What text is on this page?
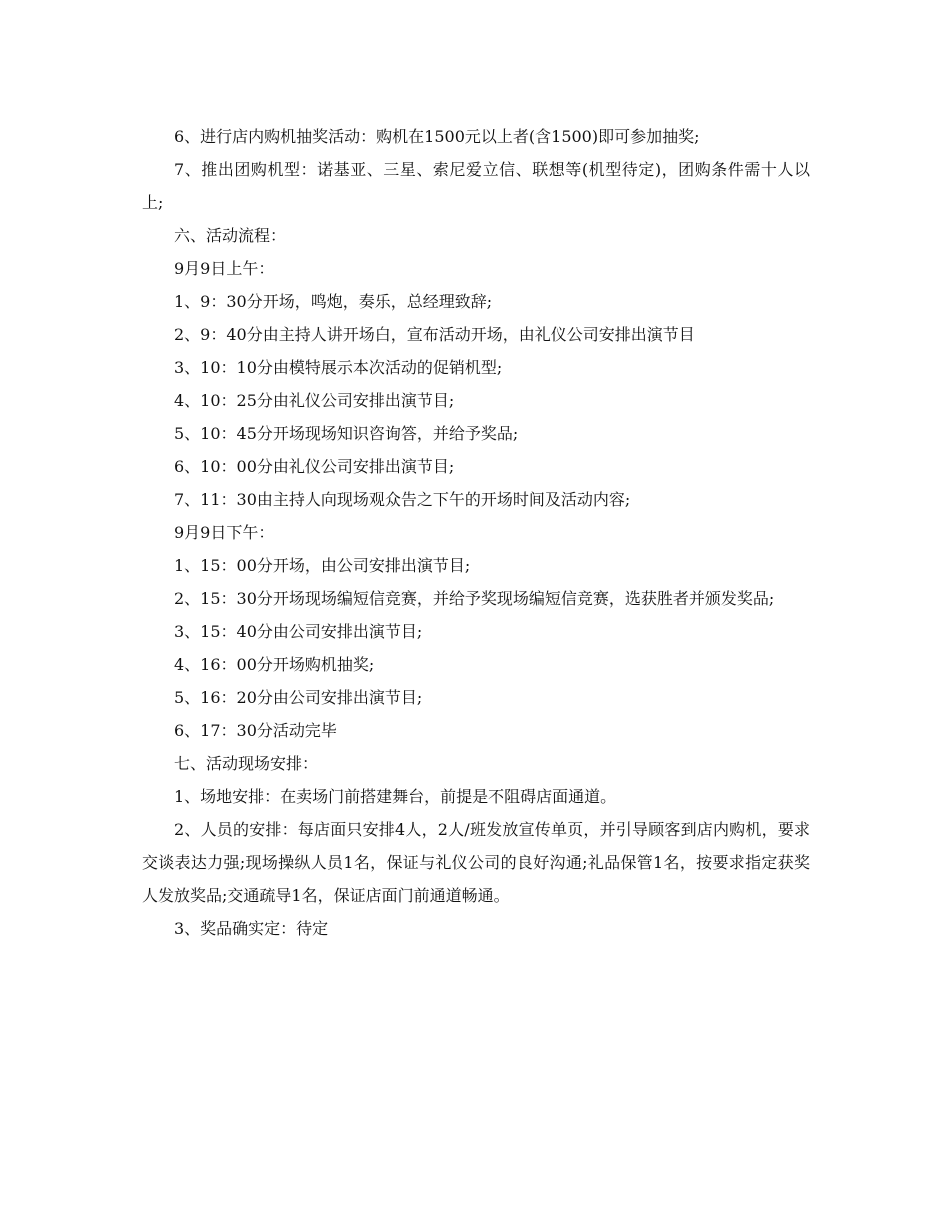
6、进行店内购机抽奖活动：购机在1500元以上者(含1500)即可参加抽奖;

7、推出团购机型：诺基亚、三星、索尼爱立信、联想等(机型待定)，团购条件需十人以上;

六、活动流程：

9月9日上午：

1、9：30分开场，鸣炮，奏乐，总经理致辞;

2、9：40分由主持人讲开场白，宣布活动开场，由礼仪公司安排出演节目

3、10：10分由模特展示本次活动的促销机型;

4、10：25分由礼仪公司安排出演节目;

5、10：45分开场现场知识咨询答，并给予奖品;

6、10：00分由礼仪公司安排出演节目;

7、11：30由主持人向现场观众告之下午的开场时间及活动内容;

9月9日下午：

1、15：00分开场，由公司安排出演节目;

2、15：30分开场现场编短信竞赛，并给予奖现场编短信竞赛，选获胜者并颁发奖品;

3、15：40分由公司安排出演节目;

4、16：00分开场购机抽奖;

5、16：20分由公司安排出演节目;

6、17：30分活动完毕

七、活动现场安排：

1、场地安排：在卖场门前搭建舞台，前提是不阻碍店面通道。

2、人员的安排：每店面只安排4人，2人/班发放宣传单页，并引导顾客到店内购机，要求交谈表达力强;现场操纵人员1名，保证与礼仪公司的良好沟通;礼品保管1名，按要求指定获奖人发放奖品;交通疏导1名，保证店面门前通道畅通。

3、奖品确实定：待定
